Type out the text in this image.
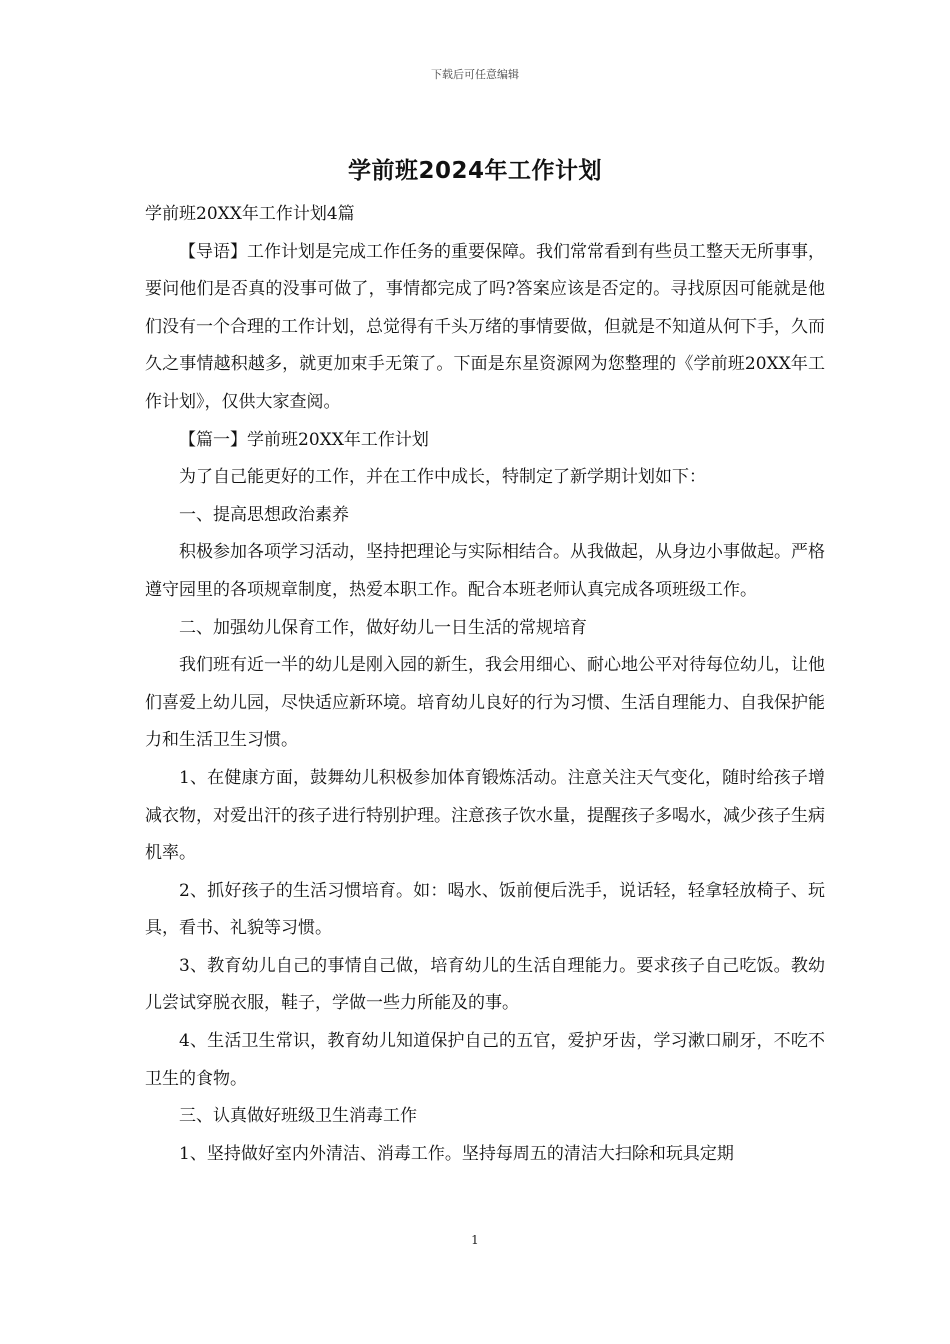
下载后可任意编辑
学前班2024年工作计划

学前班20XX年工作计划4篇

【导语】工作计划是完成工作任务的重要保障。我们常常看到有些员工整天无所事事，要问他们是否真的没事可做了，事情都完成了吗?答案应该是否定的。寻找原因可能就是他们没有一个合理的工作计划，总觉得有千头万绪的事情要做，但就是不知道从何下手，久而久之事情越积越多，就更加束手无策了。下面是东星资源网为您整理的《学前班20XX年工作计划》，仅供大家查阅。

【篇一】学前班20XX年工作计划

为了自己能更好的工作，并在工作中成长，特制定了新学期计划如下：

一、提高思想政治素养

积极参加各项学习活动，坚持把理论与实际相结合。从我做起，从身边小事做起。严格遵守园里的各项规章制度，热爱本职工作。配合本班老师认真完成各项班级工作。

二、加强幼儿保育工作，做好幼儿一日生活的常规培育

我们班有近一半的幼儿是刚入园的新生，我会用细心、耐心地公平对待每位幼儿，让他们喜爱上幼儿园，尽快适应新环境。培育幼儿良好的行为习惯、生活自理能力、自我保护能力和生活卫生习惯。

1、在健康方面，鼓舞幼儿积极参加体育锻炼活动。注意关注天气变化，随时给孩子增减衣物，对爱出汗的孩子进行特别护理。注意孩子饮水量，提醒孩子多喝水，减少孩子生病机率。

2、抓好孩子的生活习惯培育。如：喝水、饭前便后洗手，说话轻，轻拿轻放椅子、玩具，看书、礼貌等习惯。

3、教育幼儿自己的事情自己做，培育幼儿的生活自理能力。要求孩子自己吃饭。教幼儿尝试穿脱衣服，鞋子，学做一些力所能及的事。

4、生活卫生常识，教育幼儿知道保护自己的五官，爱护牙齿，学习漱口刷牙，不吃不卫生的食物。

三、认真做好班级卫生消毒工作

1、坚持做好室内外清洁、消毒工作。坚持每周五的清洁大扫除和玩具定期

1
